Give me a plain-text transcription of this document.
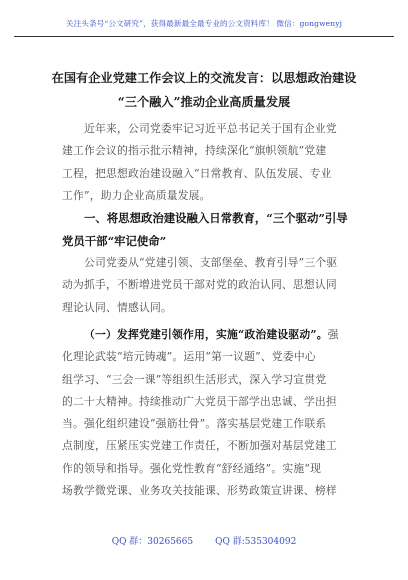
关注头条号“公文研究”，获得最新最全最专业的公文资料库！ 微信：gongwenyj
在国有企业党建工作会议上的交流发言：以思想政治建设
“三个融入”推动企业高质量发展
近年来，公司党委牢记习近平总书记关于国有企业党
建工作会议的指示批示精神，持续深化“旗帜领航”党建
工程，把思想政治建设融入“日常教育、队伍发展、专业
工作”，助力企业高质量发展。
一、将思想政治建设融入日常教育，“三个驱动”引导
党员干部“牢记使命”
公司党委从“党建引领、支部堡垒、教育引导”三个驱
动为抓手，不断增进党员干部对党的政治认同、思想认同
理论认同、情感认同。
（一）发挥党建引领作用，实施“政治建设驱动”。强
化理论武装“培元铸魂”。运用“第一议题”、党委中心
组学习、“三会一课”等组织生活形式，深入学习宣贯党
的二十大精神。持续推动广大党员干部学出忠诚、学出担
当。强化组织建设“强筋壮骨”。落实基层党建工作联系
点制度，压紧压实党建工作责任，不断加强对基层党建工
作的领导和指导。强化党性教育“舒经通络”。实施“现
场教学微党课、业务攻关技能课、形势政策宣讲课、榜样
QQ 群：30265665 QQ 群:535304092
